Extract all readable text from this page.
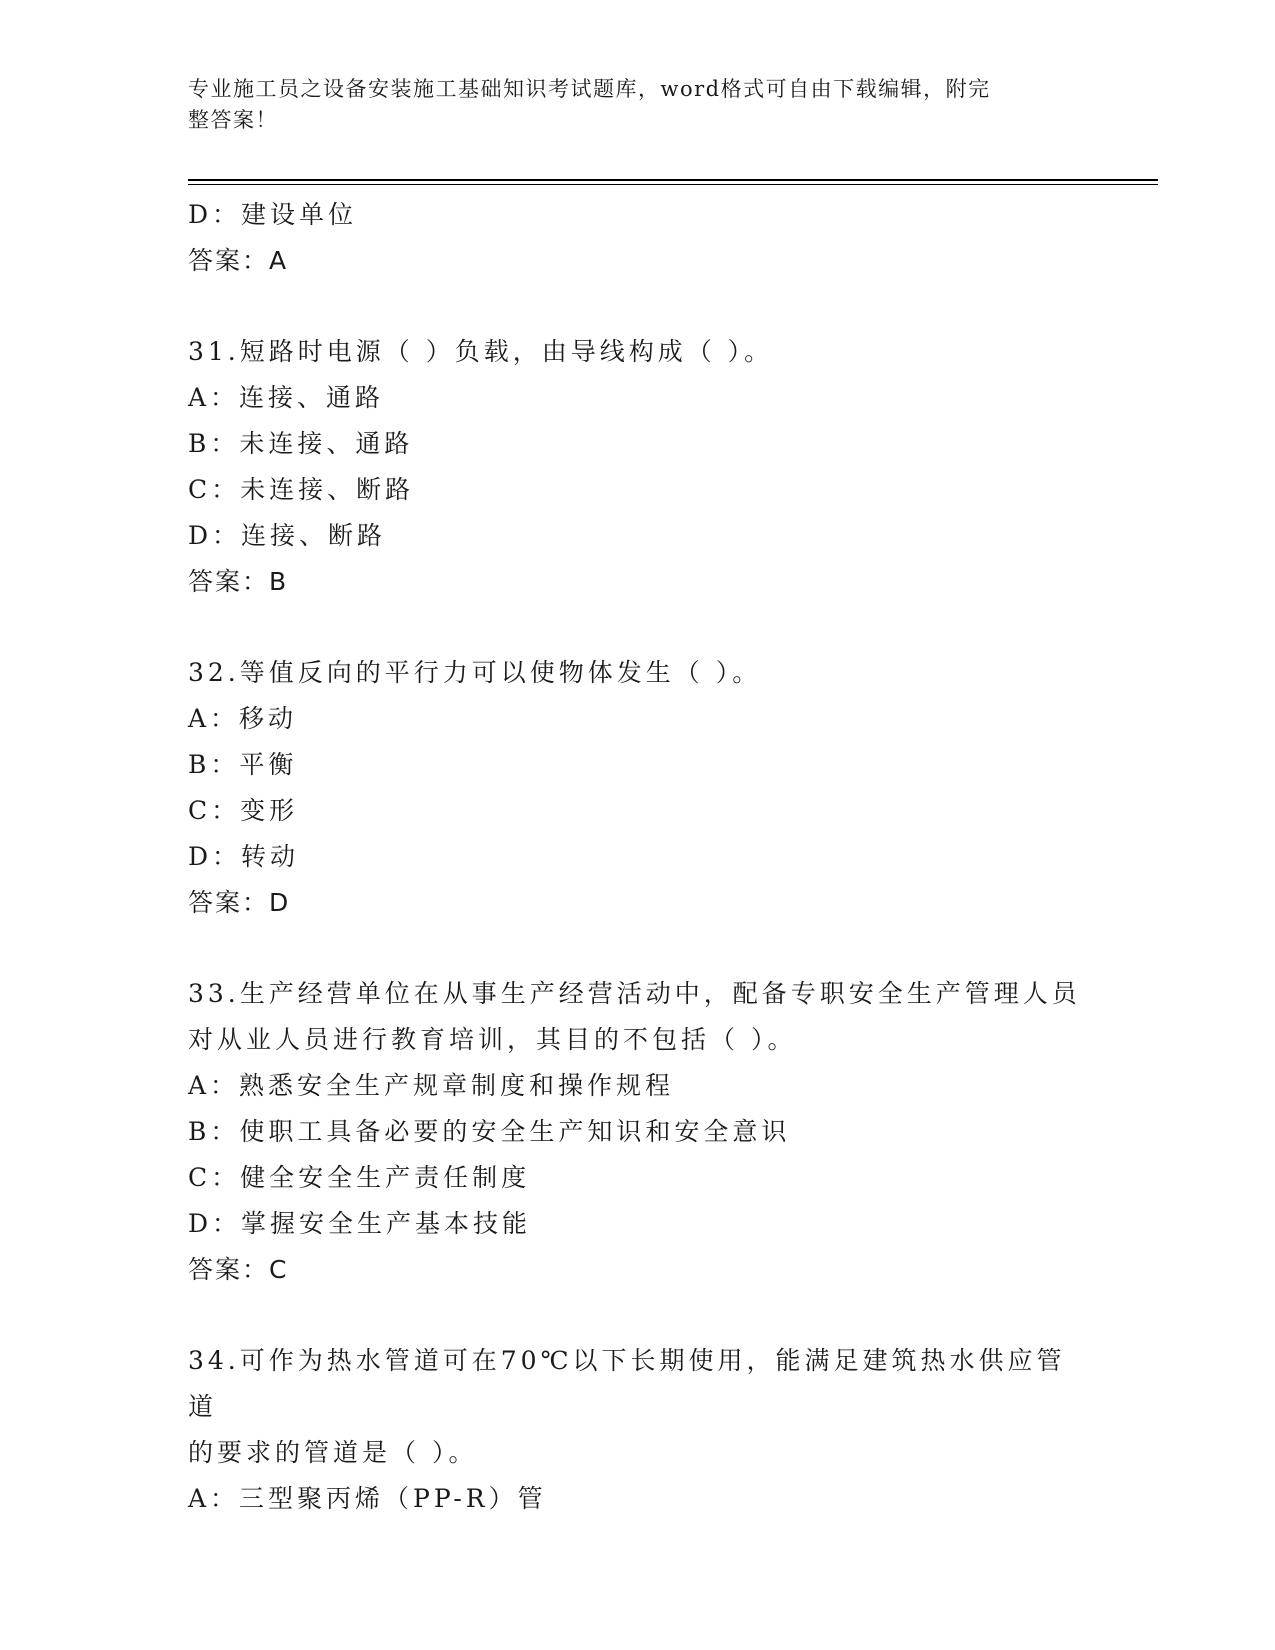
专业施工员之设备安装施工基础知识考试题库，word格式可自由下载编辑，附完
整答案！
D：建设单位
答案：A
31.短路时电源（ ）负载，由导线构成（ ）。
A：连接、通路
B：未连接、通路
C：未连接、断路
D：连接、断路
答案：B
32.等值反向的平行力可以使物体发生（ ）。
A：移动
B：平衡
C：变形
D：转动
答案：D
33.生产经营单位在从事生产经营活动中，配备专职安全生产管理人员
对从业人员进行教育培训，其目的不包括（ ）。
A：熟悉安全生产规章制度和操作规程
B：使职工具备必要的安全生产知识和安全意识
C：健全安全生产责任制度
D：掌握安全生产基本技能
答案：C
34.可作为热水管道可在70℃以下长期使用，能满足建筑热水供应管道
的要求的管道是（ ）。
A：三型聚丙烯（PP-R）管
